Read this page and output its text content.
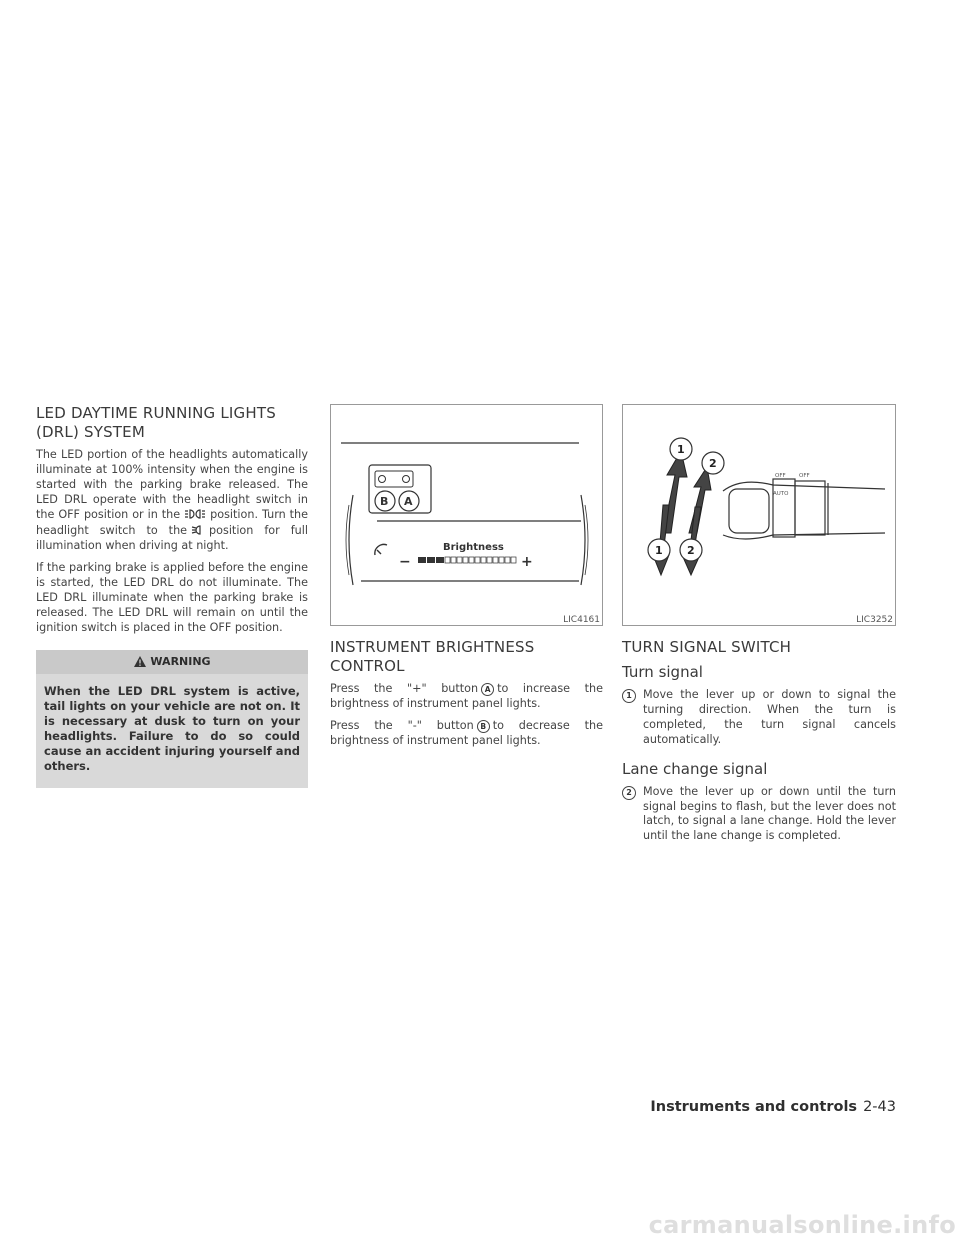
LED DAYTIME RUNNING LIGHTS
(DRL) SYSTEM

The LED portion of the headlights automatically illuminate at 100% intensity when the engine is started with the parking brake released. The LED DRL operate with the headlight switch in the OFF position or in the	position. Turn the headlight switch to the position for full illumination when driving at night.

If the parking brake is applied before the engine is started, the LED DRL do not illuminate. The LED DRL illuminate when the parking brake is released. The LED DRL will remain on until the ignition switch is placed in the OFF position.

WARNING
When the LED DRL system is active, tail lights on your vehicle are not on. It is necessary at dusk to turn on your headlights. Failure to do so could cause an accident injuring yourself and others.
B A
Brightness
−	+
LIC4161
INSTRUMENT BRIGHTNESS
CONTROL

Press the "+" button A to increase the brightness of instrument panel lights.

Press the "-" button B to decrease the brightness of instrument panel lights.

1
2
1 2
AUTO
OFF OFF
LIC3252
TURN SIGNAL SWITCH
Turn signal
1	Move the lever up or down to signal the turning direction. When the turn is completed, the turn signal cancels automatically.
Lane change signal
2	Move the lever up or down until the turn signal begins to flash, but the lever does not latch, to signal a lane change. Hold the lever until the lane change is completed.
Instruments and controls 2-43
carmanualsonline.info
